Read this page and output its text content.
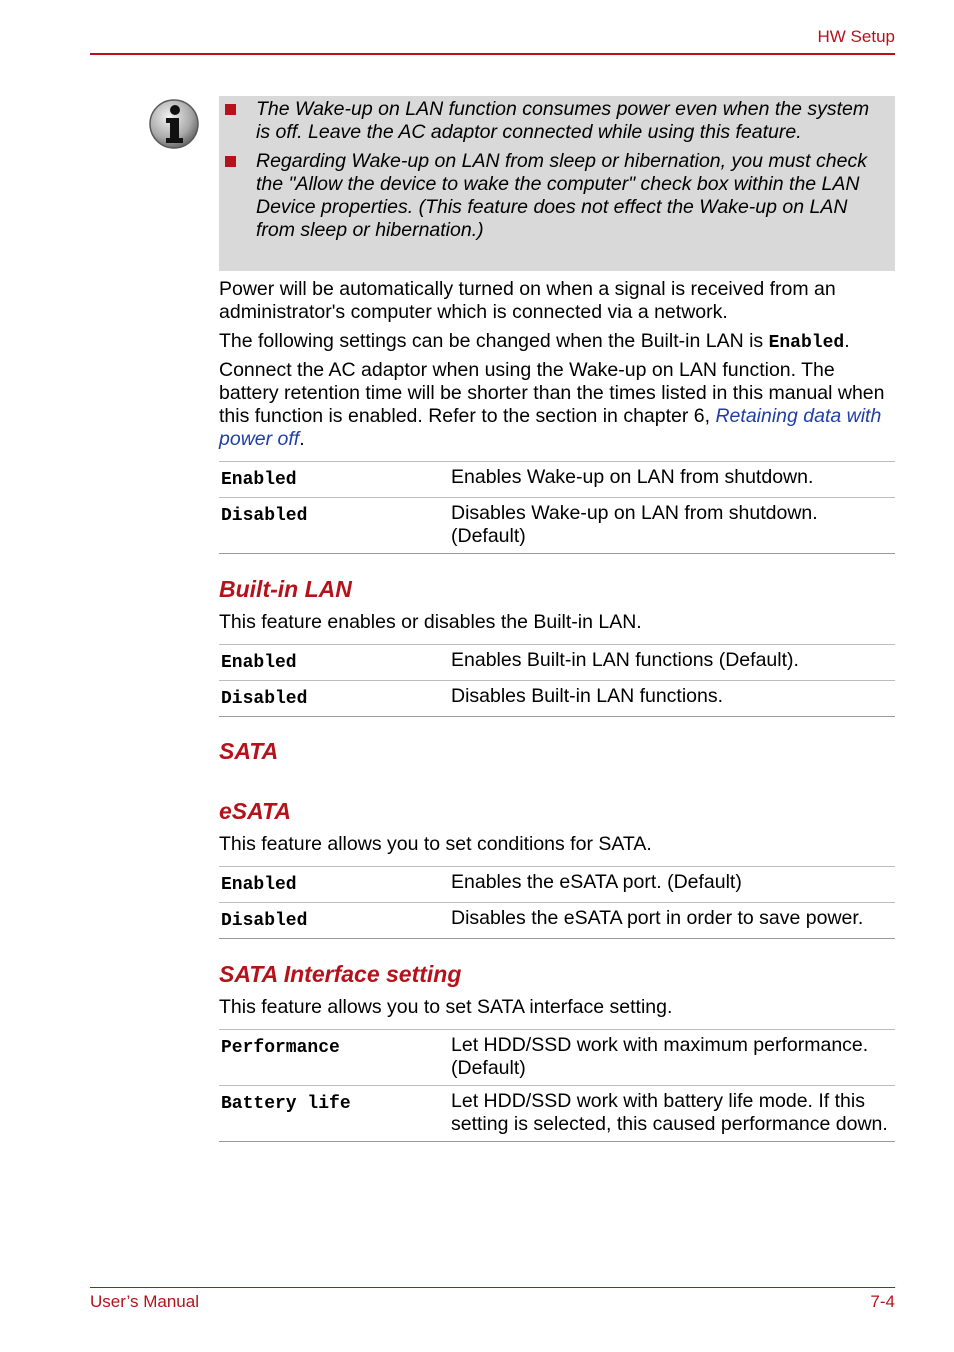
HW Setup
The Wake-up on LAN function consumes power even when the system is off. Leave the AC adaptor connected while using this feature.
Regarding Wake-up on LAN from sleep or hibernation, you must check the "Allow the device to wake the computer" check box within the LAN Device properties. (This feature does not effect the Wake-up on LAN from sleep or hibernation.)

Power will be automatically turned on when a signal is received from an administrator's computer which is connected via a network.

The following settings can be changed when the Built-in LAN is Enabled.

Connect the AC adaptor when using the Wake-up on LAN function. The battery retention time will be shorter than the times listed in this manual when this function is enabled. Refer to the section in chapter 6, Retaining data with power off.

Enabled	Enables Wake-up on LAN from shutdown.
Disabled	Disables Wake-up on LAN from shutdown. (Default)
Built-in LAN

This feature enables or disables the Built-in LAN.

Enabled	Enables Built-in LAN functions (Default).
Disabled	Disables Built-in LAN functions.
SATA
eSATA

This feature allows you to set conditions for SATA.

Enabled	Enables the eSATA port. (Default)
Disabled	Disables the eSATA port in order to save power.
SATA Interface setting

This feature allows you to set SATA interface setting.

Performance	Let HDD/SSD work with maximum performance. (Default)
Battery life	Let HDD/SSD work with battery life mode. If this setting is selected, this caused performance down.
User’s Manual	7-4
